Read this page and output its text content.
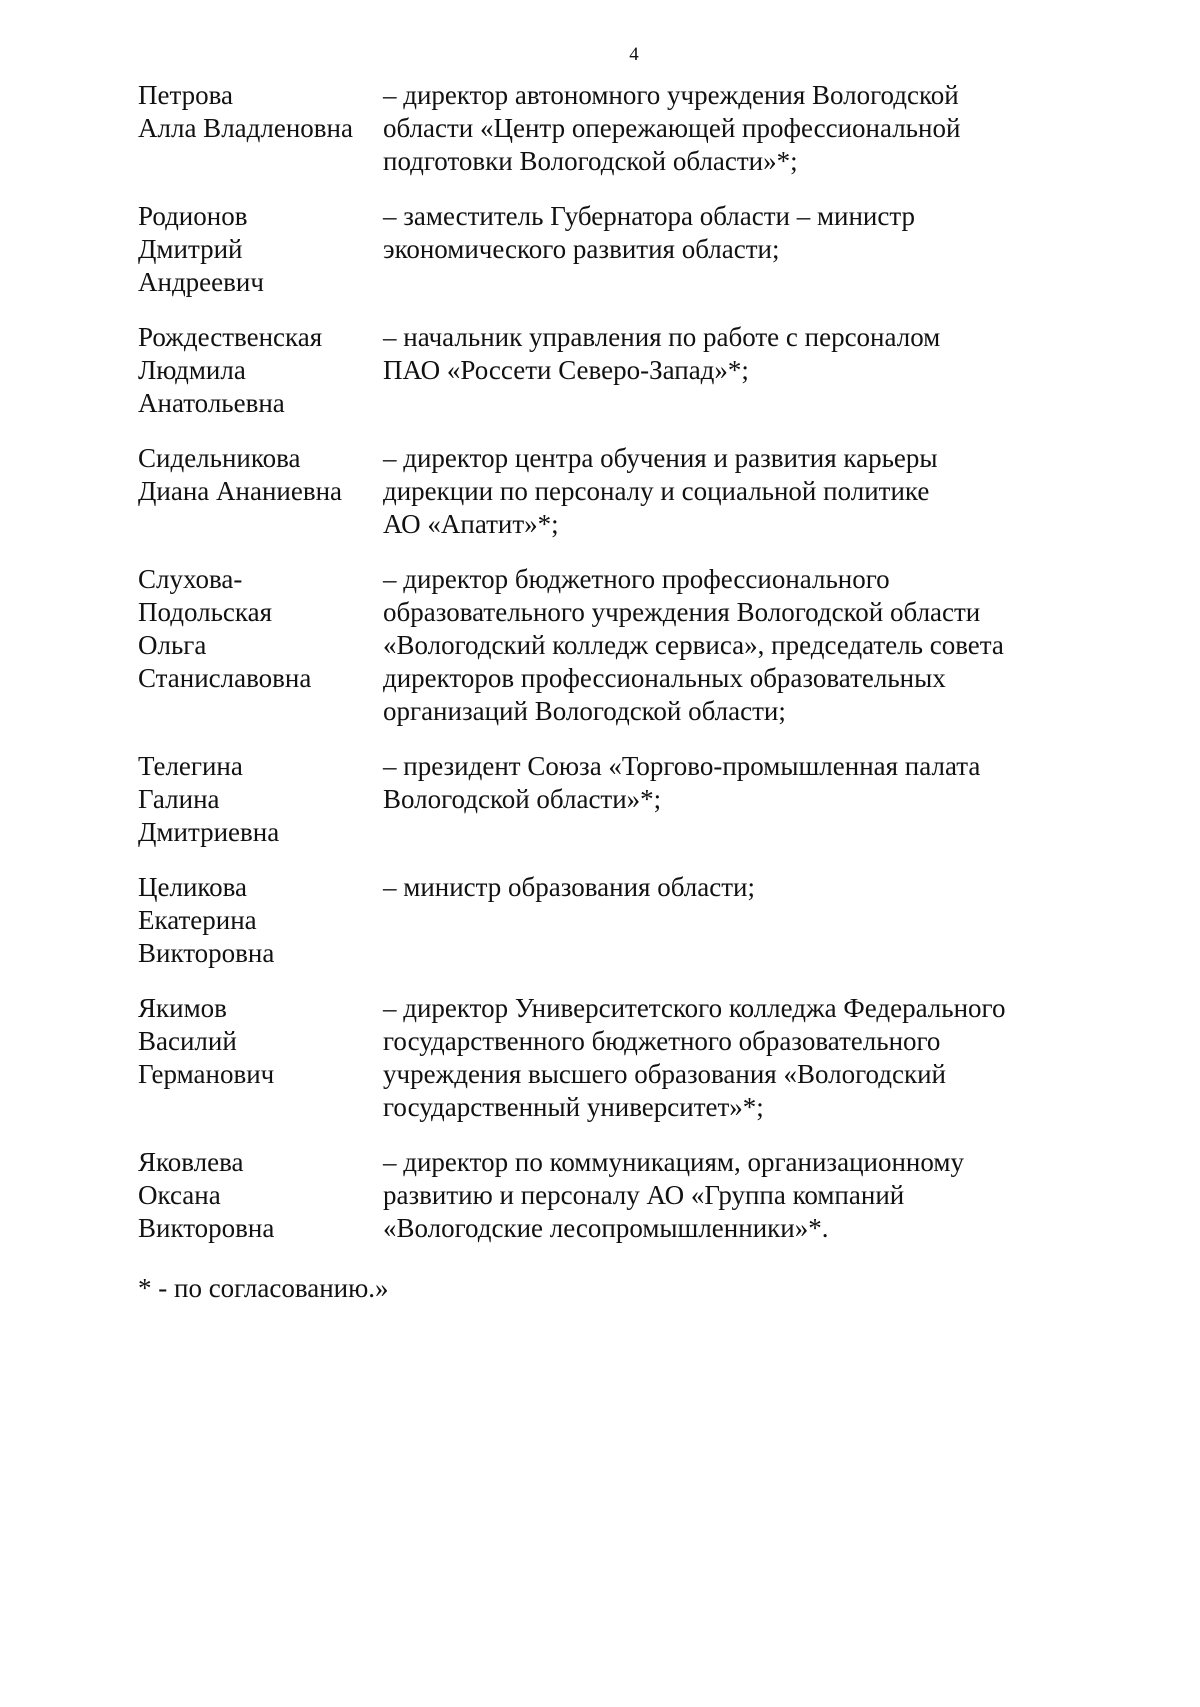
4
Петрова
Алла Владленовна
– директор автономного учреждения Вологодской
области «Центр опережающей профессиональной
подготовки Вологодской области»*;
Родионов
Дмитрий
Андреевич
– заместитель Губернатора области – министр
экономического развития области;
Рождественская
Людмила
Анатольевна
– начальник управления по работе с персоналом
ПАО «Россети Северо-Запад»*;
Сидельникова
Диана Ананиевна
– директор центра обучения и развития карьеры
дирекции по персоналу и социальной политике
АО «Апатит»*;
Слухова-
Подольская
Ольга
Станиславовна
– директор бюджетного профессионального
образовательного учреждения Вологодской области
«Вологодский колледж сервиса», председатель совета
директоров профессиональных образовательных
организаций Вологодской области;
Телегина
Галина
Дмитриевна
– президент Союза «Торгово-промышленная палата
Вологодской области»*;
Целикова
Екатерина
Викторовна
– министр образования области;
Якимов
Василий
Германович
– директор Университетского колледжа Федерального
государственного бюджетного образовательного
учреждения высшего образования «Вологодский
государственный университет»*;
Яковлева
Оксана
Викторовна
– директор по коммуникациям, организационному
развитию и персоналу АО «Группа компаний
«Вологодские лесопромышленники»*.
* - по согласованию.»
